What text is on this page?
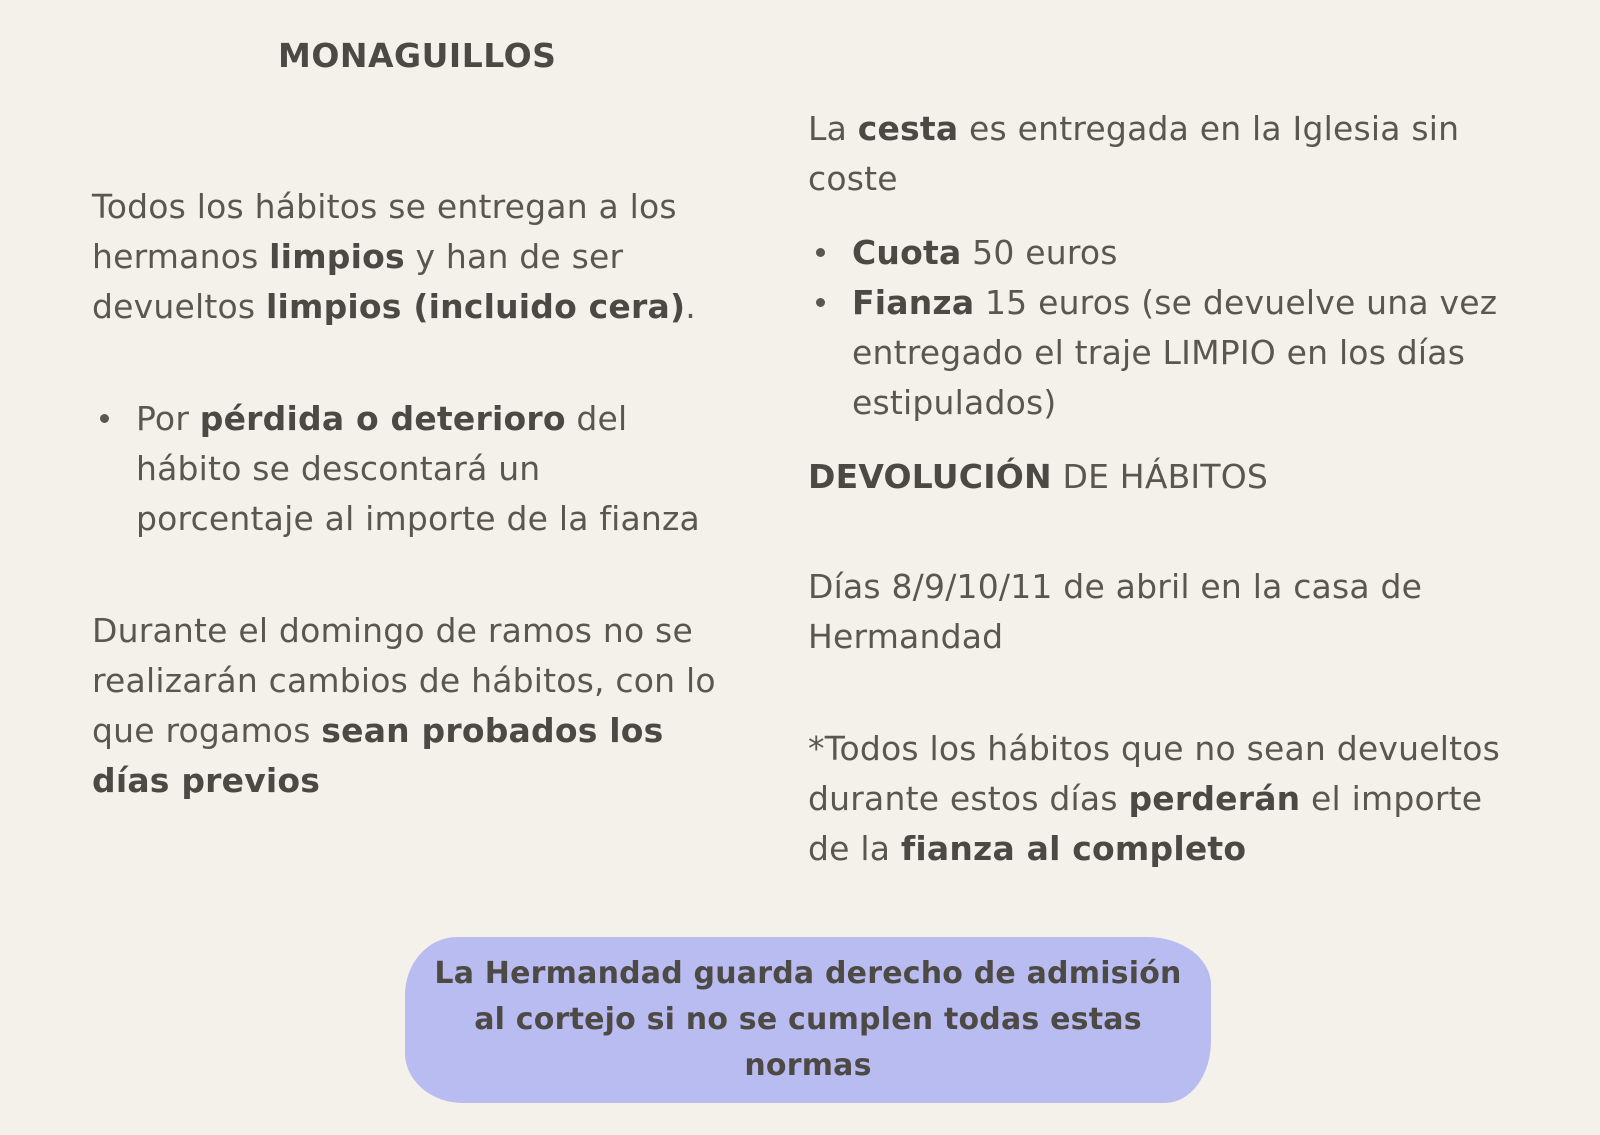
MONAGUILLOS

Todos los hábitos se entregan a los hermanos limpios y han de ser devueltos limpios (incluido cera).

Por pérdida o deterioro del hábito se descontará un porcentaje al importe de la fianza

Durante el domingo de ramos no se realizarán cambios de hábitos, con lo que rogamos sean probados los días previos

La cesta es entregada en la Iglesia sin coste

Cuota 50 euros
Fianza 15 euros (se devuelve una vez entregado el traje LIMPIO en los días estipulados)

DEVOLUCIÓN DE HÁBITOS

Días 8/9/10/11 de abril en la casa de Hermandad

*Todos los hábitos que no sean devueltos durante estos días perderán el importe de la fianza al completo

La Hermandad guarda derecho de admisión al cortejo si no se cumplen todas estas normas
